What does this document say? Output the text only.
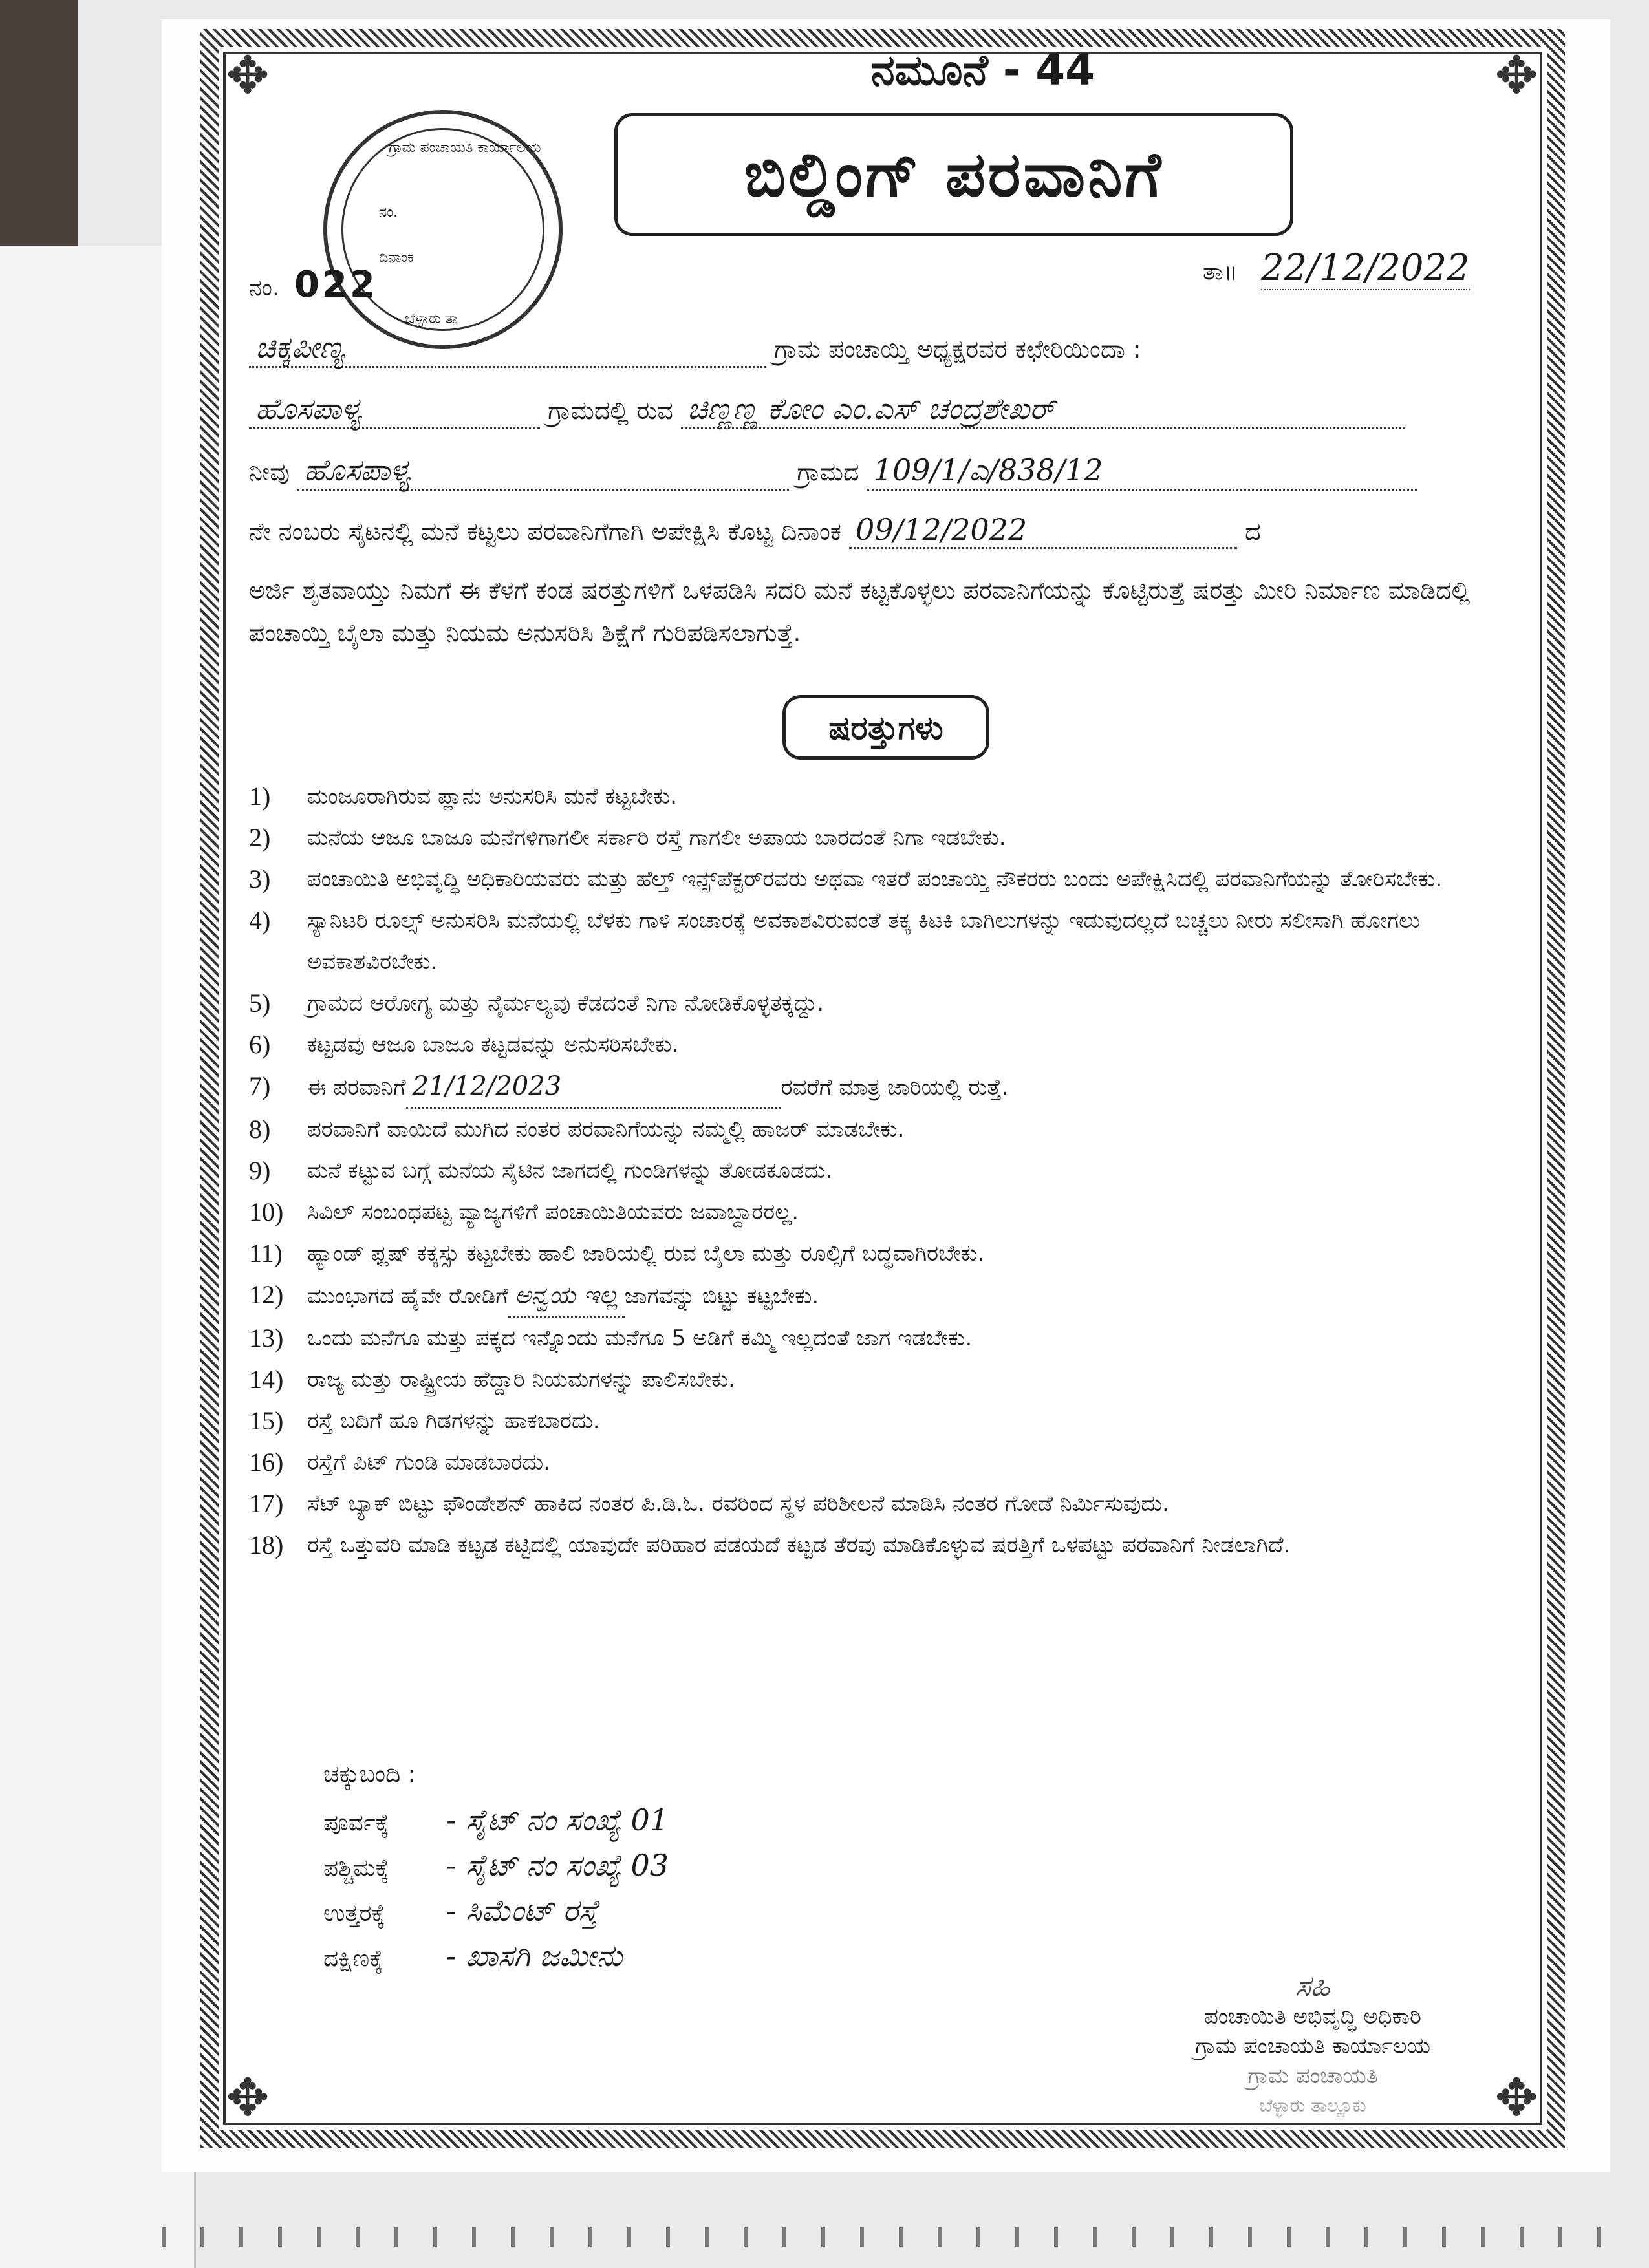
✥	✥
✥	✥
ನಮೂನೆ - 44
ಬಿಲ್ಡಿಂಗ್ ಪರವಾನಿಗೆ
ಗ್ರಾಮ ಪಂಚಾಯತಿ ಕಾರ್ಯಾಲಯ
ನಂ.
ದಿನಾಂಕ
ಬೆಳ್ಳಾರು ತಾ
ನಂ. 022	ತಾ॥ 22/12/2022
ಚಿಕ್ಕಪೀಣ್ಯ	ಗ್ರಾಮ ಪಂಚಾಯ್ತಿ ಅಧ್ಯಕ್ಷರವರ ಕಛೇರಿಯಿಂದಾ :
ಹೊಸಪಾಳ್ಯ	ಗ್ರಾಮದಲ್ಲಿ ರುವ ಚಿಣ್ಣಣ್ಣ ಕೋಂ ಎಂ.ಎಸ್ ಚಂದ್ರಶೇಖರ್
ನೀವು ಹೊಸಪಾಳ್ಯ	ಗ್ರಾಮದ 109/1/ಎ/838/12
ನೇ ನಂಬರು ಸೈಟನಲ್ಲಿ ಮನೆ ಕಟ್ಟಲು ಪರವಾನಿಗೆಗಾಗಿ ಅಪೇಕ್ಷಿಸಿ ಕೊಟ್ಟ ದಿನಾಂಕ 09/12/2022	ದ
ಅರ್ಜಿ ಶೃತವಾಯ್ತು ನಿಮಗೆ ಈ ಕೆಳಗೆ ಕಂಡ ಷರತ್ತುಗಳಿಗೆ ಒಳಪಡಿಸಿ ಸದರಿ ಮನೆ ಕಟ್ಟಕೊಳ್ಳಲು ಪರವಾನಿಗೆಯನ್ನು ಕೊಟ್ಟಿರುತ್ತೆ ಷರತ್ತು ಮೀರಿ ನಿರ್ಮಾಣ ಮಾಡಿದಲ್ಲಿ ಪಂಚಾಯ್ತಿ ಬೈಲಾ ಮತ್ತು ನಿಯಮ ಅನುಸರಿಸಿ ಶಿಕ್ಷೆಗೆ ಗುರಿಪಡಿಸಲಾಗುತ್ತೆ.
ಷರತ್ತುಗಳು
1) ಮಂಜೂರಾಗಿರುವ ಪ್ಲಾನು ಅನುಸರಿಸಿ ಮನೆ ಕಟ್ಟಬೇಕು.
2) ಮನೆಯ ಆಜೂ ಬಾಜೂ ಮನೆಗಳಿಗಾಗಲೀ ಸರ್ಕಾರಿ ರಸ್ತೆ ಗಾಗಲೀ ಅಪಾಯ ಬಾರದಂತೆ ನಿಗಾ ಇಡಬೇಕು.
3) ಪಂಚಾಯಿತಿ ಅಭಿವೃದ್ಧಿ ಅಧಿಕಾರಿಯವರು ಮತ್ತು ಹೆಲ್ತ್ ಇನ್ಸ್‌ಪೆಕ್ಟರ್‌ರವರು ಅಥವಾ ಇತರೆ ಪಂಚಾಯ್ತಿ ನೌಕರರು ಬಂದು ಅಪೇಕ್ಷಿಸಿದಲ್ಲಿ ಪರವಾನಿಗೆಯನ್ನು ತೋರಿಸಬೇಕು.
4) ಸ್ಯಾನಿಟರಿ ರೂಲ್ಸ್ ಅನುಸರಿಸಿ ಮನೆಯಲ್ಲಿ ಬೆಳಕು ಗಾಳಿ ಸಂಚಾರಕ್ಕೆ ಅವಕಾಶವಿರುವಂತೆ ತಕ್ಕ ಕಿಟಕಿ ಬಾಗಿಲುಗಳನ್ನು ಇಡುವುದಲ್ಲದೆ ಬಚ್ಚಲು ನೀರು ಸಲೀಸಾಗಿ ಹೋಗಲು ಅವಕಾಶವಿರಬೇಕು.
5) ಗ್ರಾಮದ ಆರೋಗ್ಯ ಮತ್ತು ನೈರ್ಮಲ್ಯವು ಕೆಡದಂತೆ ನಿಗಾ ನೋಡಿಕೊಳ್ಳತಕ್ಕದ್ದು.
6) ಕಟ್ಟಡವು ಆಜೂ ಬಾಜೂ ಕಟ್ಟಡವನ್ನು ಅನುಸರಿಸಬೇಕು.
7) ಈ ಪರವಾನಿಗೆ 21/12/2023	ರವರೆಗೆ ಮಾತ್ರ ಜಾರಿಯಲ್ಲಿ ರುತ್ತೆ.
8) ಪರವಾನಿಗೆ ವಾಯಿದೆ ಮುಗಿದ ನಂತರ ಪರವಾನಿಗೆಯನ್ನು ನಮ್ಮಲ್ಲಿ ಹಾಜರ್ ಮಾಡಬೇಕು.
9) ಮನೆ ಕಟ್ಟುವ ಬಗ್ಗೆ ಮನೆಯ ಸೈಟಿನ ಜಾಗದಲ್ಲಿ ಗುಂಡಿಗಳನ್ನು ತೋಡಕೂಡದು.
10) ಸಿವಿಲ್ ಸಂಬಂಧಪಟ್ಟ ವ್ಯಾಜ್ಯಗಳಿಗೆ ಪಂಚಾಯಿತಿಯವರು ಜವಾಬ್ದಾರರಲ್ಲ.
11) ಹ್ಯಾಂಡ್ ಫ್ಲಷ್ ಕಕ್ಕಸ್ಸು ಕಟ್ಟಬೇಕು ಹಾಲಿ ಜಾರಿಯಲ್ಲಿ ರುವ ಬೈಲಾ ಮತ್ತು ರೂಲ್ಸಿಗೆ ಬದ್ಧವಾಗಿರಬೇಕು.
12) ಮುಂಭಾಗದ ಹೈವೇ ರೋಡಿಗೆ ಅನ್ವಯ ಇಲ್ಲ ಜಾಗವನ್ನು ಬಿಟ್ಟು ಕಟ್ಟಬೇಕು.
13) ಒಂದು ಮನೆಗೂ ಮತ್ತು ಪಕ್ಕದ ಇನ್ನೊಂದು ಮನೆಗೂ 5 ಅಡಿಗೆ ಕಮ್ಮಿ ಇಲ್ಲದಂತೆ ಜಾಗ ಇಡಬೇಕು.
14) ರಾಜ್ಯ ಮತ್ತು ರಾಷ್ಟ್ರೀಯ ಹೆದ್ದಾರಿ ನಿಯಮಗಳನ್ನು ಪಾಲಿಸಬೇಕು.
15) ರಸ್ತೆ ಬದಿಗೆ ಹೂ ಗಿಡಗಳನ್ನು ಹಾಕಬಾರದು.
16) ರಸ್ತೆಗೆ ಪಿಟ್ ಗುಂಡಿ ಮಾಡಬಾರದು.
17) ಸೆಟ್ ಬ್ಯಾಕ್ ಬಿಟ್ಟು ಫೌಂಡೇಶನ್ ಹಾಕಿದ ನಂತರ ಪಿ.ಡಿ.ಓ. ರವರಿಂದ ಸ್ಥಳ ಪರಿಶೀಲನೆ ಮಾಡಿಸಿ ನಂತರ ಗೋಡೆ ನಿರ್ಮಿಸುವುದು.
18) ರಸ್ತೆ ಒತ್ತುವರಿ ಮಾಡಿ ಕಟ್ಟಡ ಕಟ್ಟಿದಲ್ಲಿ ಯಾವುದೇ ಪರಿಹಾರ ಪಡಯದೆ ಕಟ್ಟಡ ತೆರವು ಮಾಡಿಕೊಳ್ಳುವ ಷರತ್ತಿಗೆ ಒಳಪಟ್ಟು ಪರವಾನಿಗೆ ನೀಡಲಾಗಿದೆ.
ಚಕ್ಕುಬಂದಿ :
ಪೂರ್ವಕ್ಕೆ - ಸೈಟ್ ನಂ ಸಂಖ್ಯೆ 01
ಪಶ್ಚಿಮಕ್ಕೆ - ಸೈಟ್ ನಂ ಸಂಖ್ಯೆ 03
ಉತ್ತರಕ್ಕೆ - ಸಿಮೆಂಟ್ ರಸ್ತೆ
ದಕ್ಷಿಣಕ್ಕೆ - ಖಾಸಗಿ ಜಮೀನು
ಸಹಿ
ಪಂಚಾಯಿತಿ ಅಭಿವೃದ್ಧಿ ಅಧಿಕಾರಿ
ಗ್ರಾಮ ಪಂಚಾಯತಿ ಕಾರ್ಯಾಲಯ
ಗ್ರಾಮ ಪಂಚಾಯತಿ
ಬೆಳ್ಳಾರು ತಾಲ್ಲೂಕು
